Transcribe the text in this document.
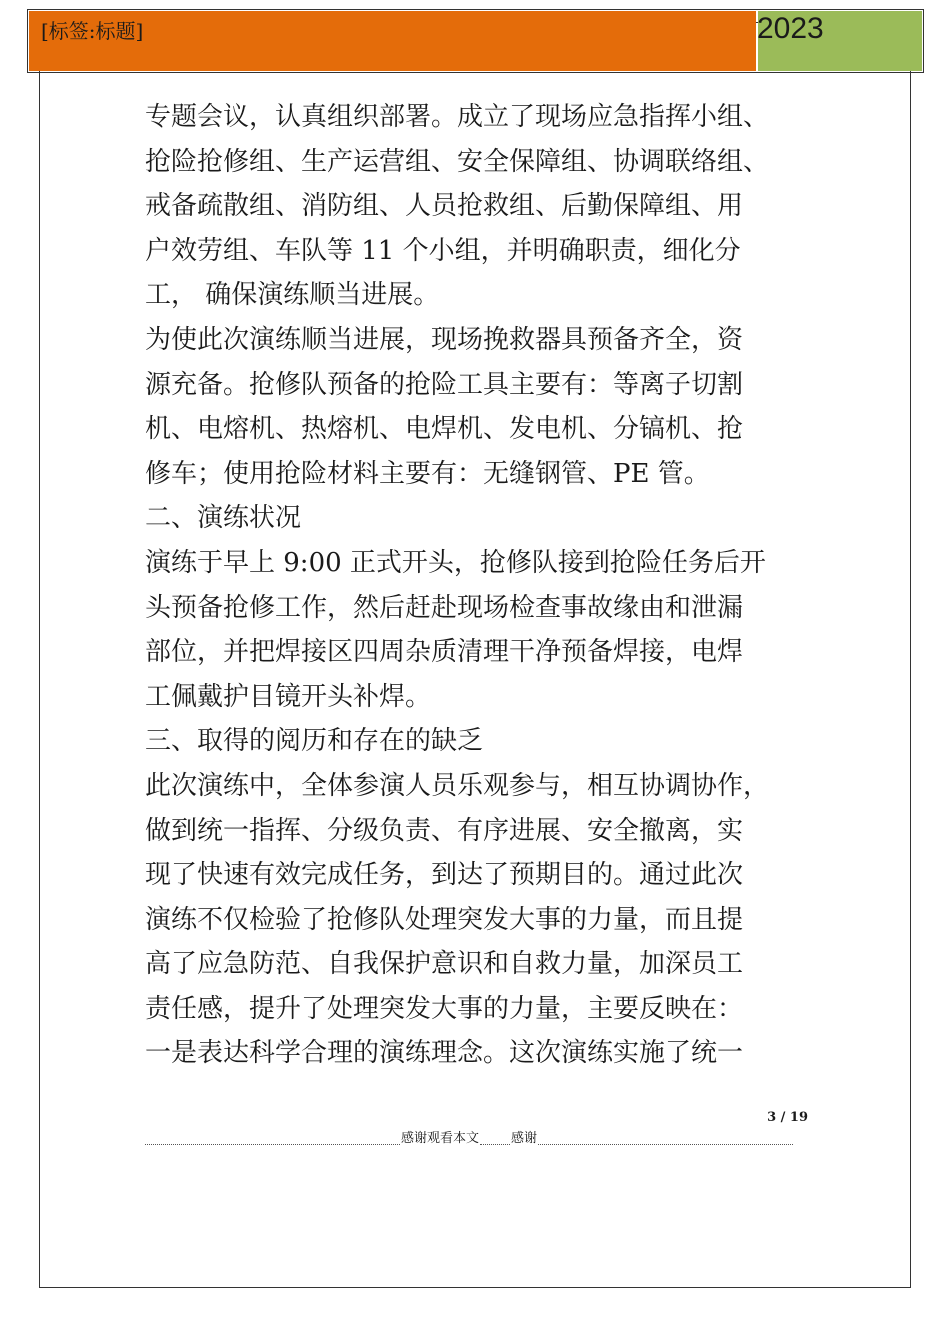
[标签:标题]	2023
专题会议，认真组织部署。成立了现场应急指挥小组、
抢险抢修组、生产运营组、安全保障组、协调联络组、
戒备疏散组、消防组、人员抢救组、后勤保障组、用
户效劳组、车队等 11 个小组，并明确职责，细化分
工， 确保演练顺当进展。
为使此次演练顺当进展，现场挽救器具预备齐全，资
源充备。抢修队预备的抢险工具主要有：等离子切割
机、电熔机、热熔机、电焊机、发电机、分镐机、抢
修车；使用抢险材料主要有：无缝钢管、PE 管。
二、演练状况
演练于早上 9:00 正式开头，抢修队接到抢险任务后开
头预备抢修工作，然后赶赴现场检查事故缘由和泄漏
部位，并把焊接区四周杂质清理干净预备焊接，电焊
工佩戴护目镜开头补焊。
三、取得的阅历和存在的缺乏
此次演练中，全体参演人员乐观参与，相互协调协作，
做到统一指挥、分级负责、有序进展、安全撤离，实
现了快速有效完成任务，到达了预期目的。通过此次
演练不仅检验了抢修队处理突发大事的力量，而且提
高了应急防范、自我保护意识和自救力量，加深员工
责任感，提升了处理突发大事的力量，主要反映在：
一是表达科学合理的演练理念。这次演练实施了统一
3 / 19
感谢观看本文 感谢
